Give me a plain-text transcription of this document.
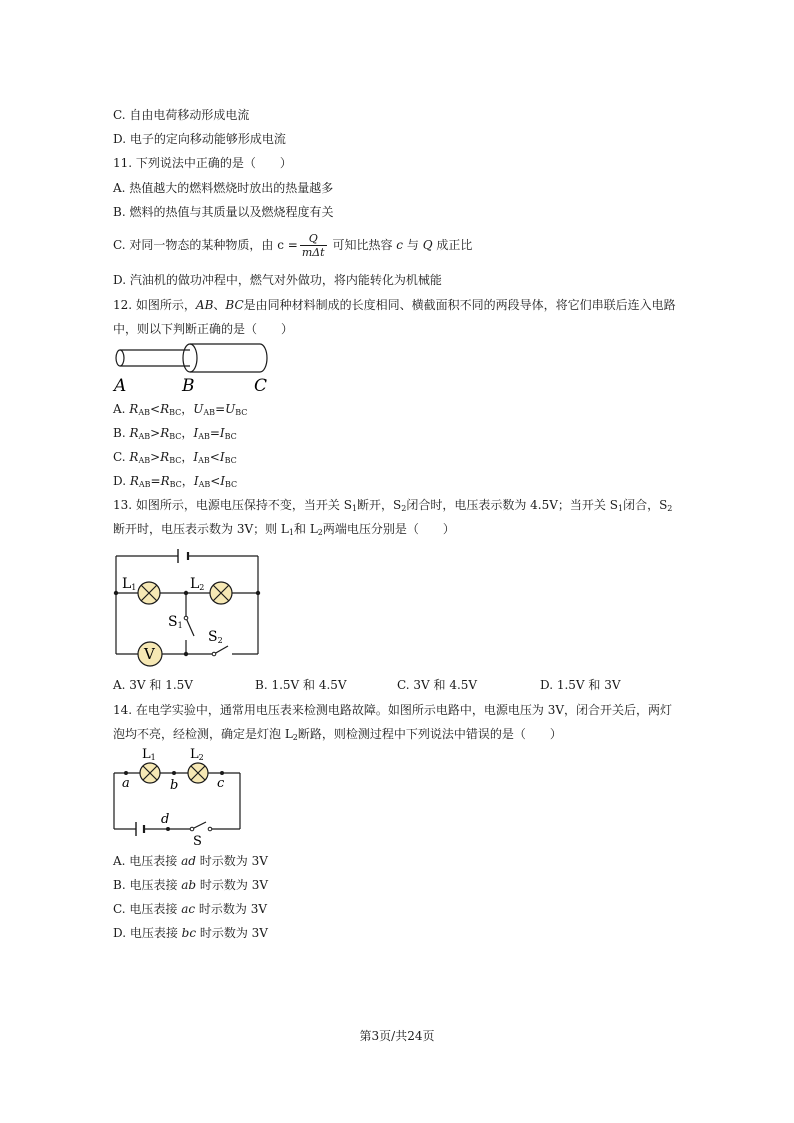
C. 自由电荷移动形成电流
D. 电子的定向移动能够形成电流
11. 下列说法中正确的是（　　）
A. 热值越大的燃料燃烧时放出的热量越多
B. 燃料的热值与其质量以及燃烧程度有关
C. 对同一物态的某种物质，由 $c = \frac{Q}{\text{mΔt}}$ 可知比热容 c 与 Q 成正比
D. 汽油机的做功冲程中，燃气对外做功，将内能转化为机械能
12. 如图所示，AB、BC是由同种材料制成的长度相同、横截面积不同的两段导体，将它们串联后连入电路
中，则以下判断正确的是（　　）
A	B	C
A. $R_{AB}<R_{BC}$，$U_{AB}=U_{BC}$
B. $R_{AB}>R_{BC}$，$I_{AB}=I_{BC}$
C. $R_{AB}>R_{BC}$，$I_{AB}<I_{BC}$
D. $R_{AB}=R_{BC}$，$I_{AB}<I_{BC}$
13. 如图所示，电源电压保持不变，当开关 $S_1$断开，$S_2$闭合时，电压表示数为 4.5V；当开关 $S_1$闭合，$S_2$
断开时，电压表示数为 3V；则 $L_1$和 $L_2$两端电压分别是（　　）
V
L1	L2
S1
S2
A. 3V 和 1.5V	B. 1.5V 和 4.5V	C. 3V 和 4.5V	D. 1.5V 和 3V
14. 在电学实验中，通常用电压表来检测电路故障。如图所示电路中，电源电压为 3V，闭合开关后，两灯
泡均不亮，经检测，确定是灯泡 $L_2$断路，则检测过程中下列说法中错误的是（　　）
L1	L2
a	b	c
d
S
A. 电压表接 ad 时示数为 3V
B. 电压表接 ab 时示数为 3V
C. 电压表接 ac 时示数为 3V
D. 电压表接 bc 时示数为 3V
第3页/共24页
